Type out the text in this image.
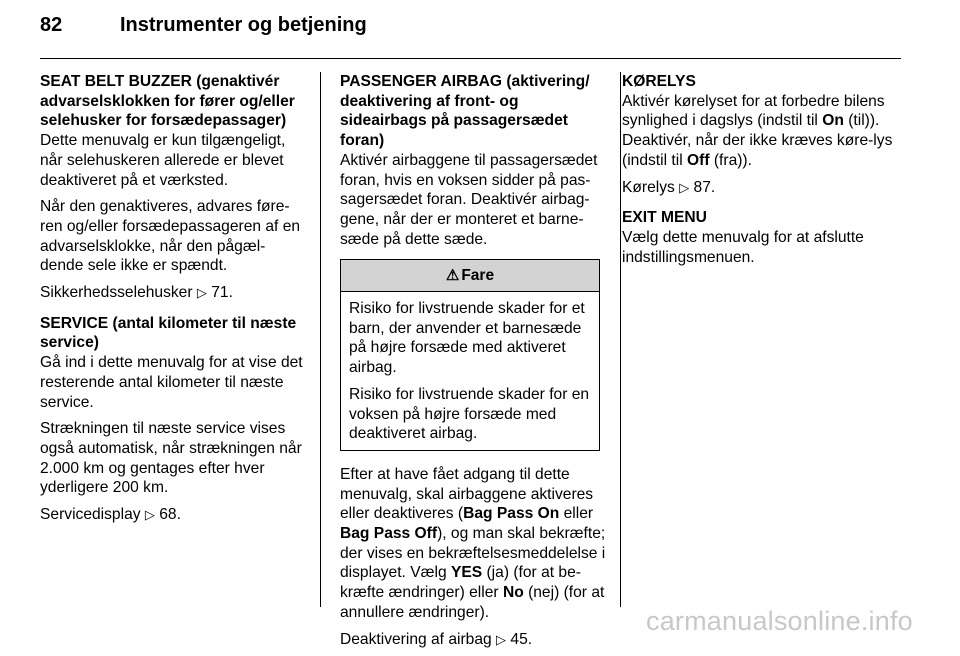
82	Instrumenter og betjening
SEAT BELT BUZZER (genaktivér advarselsklokken for fører og/eller selehusker for forsædepassager)

Dette menuvalg er kun tilgængeligt, når selehuskeren allerede er blevet deaktiveret på et værksted.

Når den genaktiveres, advares føre-ren og/eller forsædepassageren af en advarselsklokke, når den pågæl-dende sele ikke er spændt.

Sikkerhedsselehusker ▷ 71.

SERVICE (antal kilometer til næste service)

Gå ind i dette menuvalg for at vise det resterende antal kilometer til næste service.

Strækningen til næste service vises også automatisk, når strækningen når 2.000 km og gentages efter hver yderligere 200 km.

Servicedisplay ▷ 68.

PASSENGER AIRBAG (aktivering/ deaktivering af front- og sideairbags på passagersædet foran)

Aktivér airbaggene til passagersædet foran, hvis en voksen sidder på pas-sagersædet foran. Deaktivér airbag-gene, når der er monteret et barne-sæde på dette sæde.

⚠ Fare

Risiko for livstruende skader for et barn, der anvender et barnesæde på højre forsæde med aktiveret airbag.

Risiko for livstruende skader for en voksen på højre forsæde med deaktiveret airbag.

Efter at have fået adgang til dette menuvalg, skal airbaggene aktiveres eller deaktiveres (Bag Pass On eller Bag Pass Off), og man skal bekræfte; der vises en bekræftelsesmeddelelse i displayet. Vælg YES (ja) (for at be-kræfte ændringer) eller No (nej) (for at annullere ændringer).

Deaktivering af airbag ▷ 45.

KØRELYS

Aktivér kørelyset for at forbedre bilens synlighed i dagslys (indstil til On (til)). Deaktivér, når der ikke kræves køre-lys (indstil til Off (fra)).

Kørelys ▷ 87.

EXIT MENU

Vælg dette menuvalg for at afslutte indstillingsmenuen.

carmanualsonline.info
